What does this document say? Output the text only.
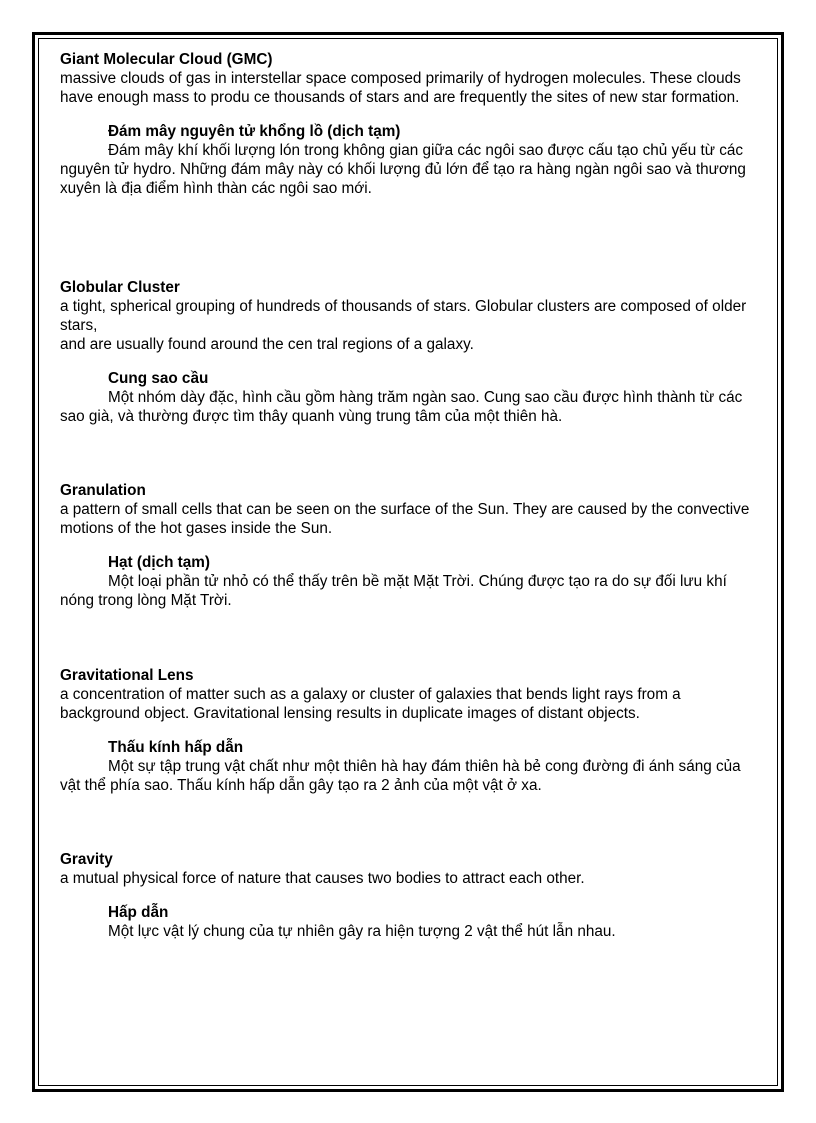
Giant Molecular Cloud (GMC)
massive clouds of gas in interstellar space composed primarily of hydrogen molecules. These clouds have enough mass to produ ce thousands of stars and are frequently the sites of new star formation.
Đám mây nguyên tử khổng lồ (dịch tạm)
Đám mây khí khối lượng lón trong không gian giữa các ngôi sao được cấu tạo chủ yếu từ các nguyên tử hydro. Những đám mây này có khối lượng đủ lớn để tạo ra hàng ngàn ngôi sao và thương xuyên là địa điểm hình thàn các ngôi sao mới.
Globular Cluster
a tight, spherical grouping of hundreds of thousands of stars. Globular clusters are composed of older stars,
and are usually found around the cen tral regions of a galaxy.
Cung sao cầu
Một nhóm dày đặc, hình cầu gồm hàng trăm ngàn sao. Cung sao cầu được hình thành từ các sao già, và thường được tìm thây quanh vùng trung tâm của một thiên hà.
Granulation
a pattern of small cells that can be seen on the surface of the Sun. They are caused by the convective motions of the hot gases inside the Sun.
Hạt (dịch tạm)
Một loại phần tử nhỏ có thể thấy trên bề mặt Mặt Trời. Chúng được tạo ra do sự đối lưu khí nóng trong lòng Mặt Trời.
Gravitational Lens
a concentration of matter such as a galaxy or cluster of galaxies that bends light rays from a background object. Gravitational lensing results in duplicate images of distant objects.
Thấu kính hấp dẫn
Một sự tập trung vật chất như một thiên hà hay đám thiên hà bẻ cong đường đi ánh sáng của vật thể phía sao. Thấu kính hấp dẫn gây tạo ra 2 ảnh của một vật ở xa.
Gravity
a mutual physical force of nature that causes two bodies to attract each other.
Hấp dẫn
Một lực vật lý chung của tự nhiên gây ra hiện tượng 2 vật thể hút lẫn nhau.
